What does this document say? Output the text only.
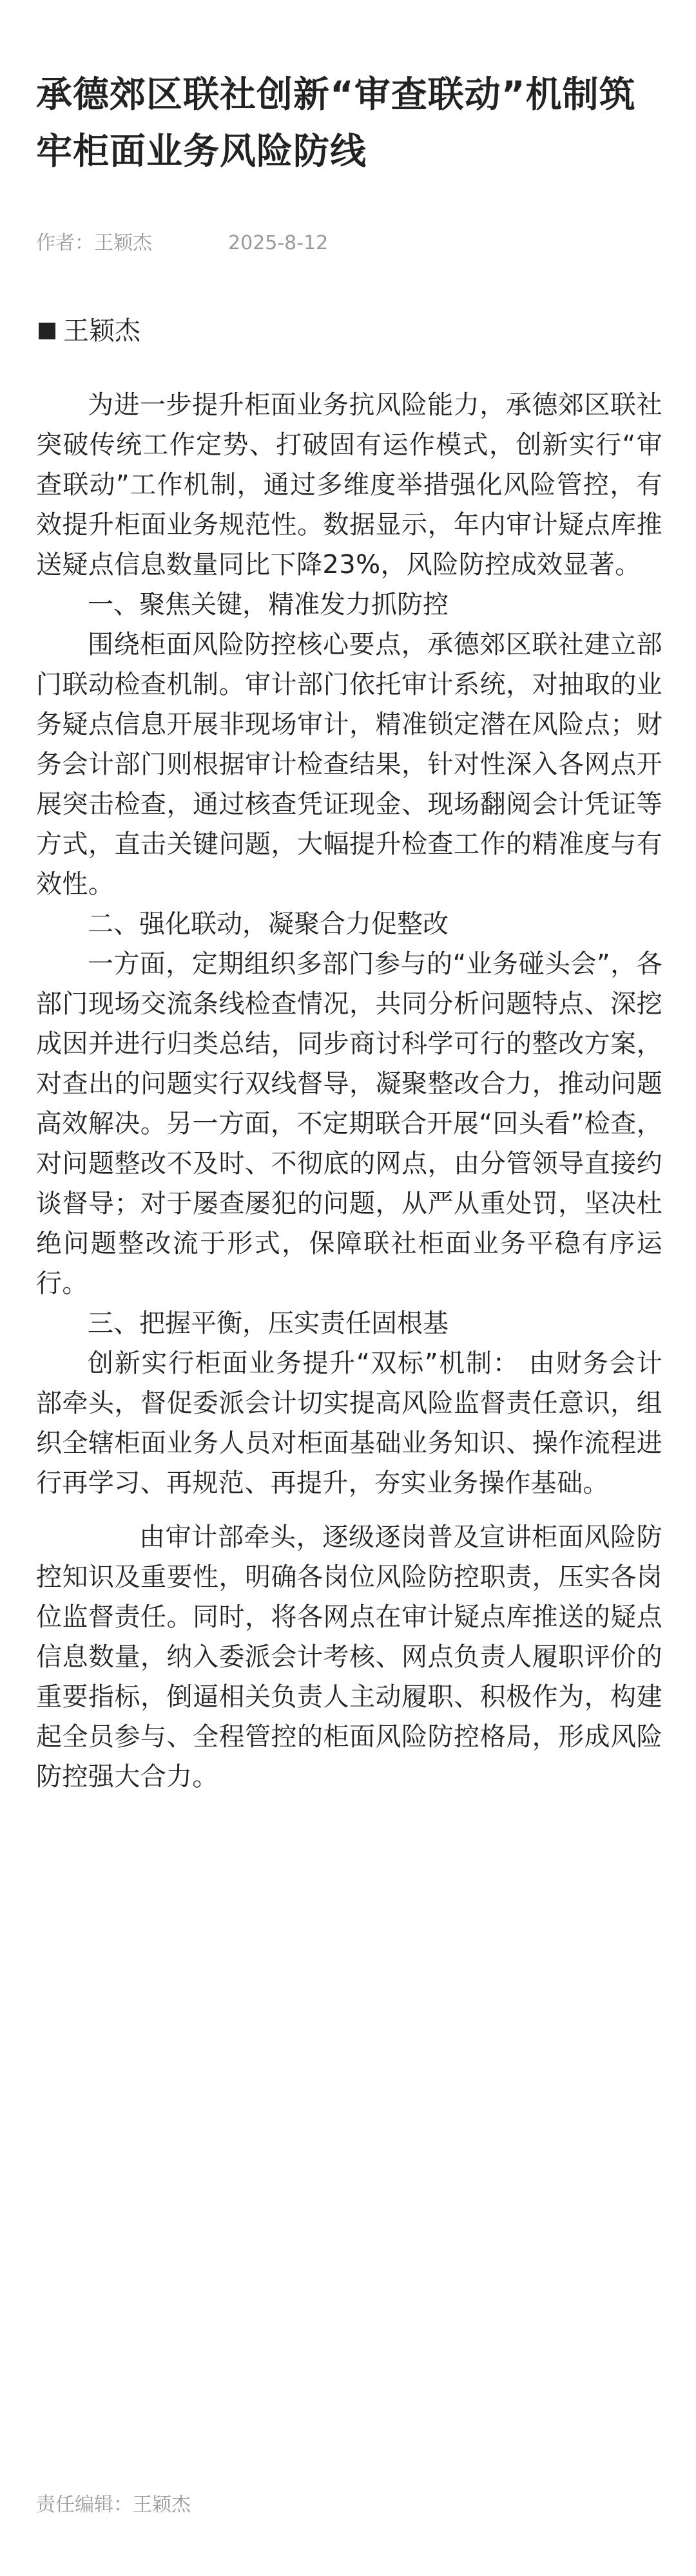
承德郊区联社创新“审查联动”机制筑牢柜面业务风险防线
作者：王颖杰	2025-8-12
王颖杰

为进一步提升柜面业务抗风险能力，承德郊区联社突破传统工作定势、打破固有运作模式，创新实行“审查联动”工作机制，通过多维度举措强化风险管控，有效提升柜面业务规范性。数据显示，年内审计疑点库推送疑点信息数量同比下降23%，风险防控成效显著。

一、聚焦关键，精准发力抓防控

围绕柜面风险防控核心要点，承德郊区联社建立部门联动检查机制。审计部门依托审计系统，对抽取的业务疑点信息开展非现场审计，精准锁定潜在风险点；财务会计部门则根据审计检查结果，针对性深入各网点开展突击检查，通过核查凭证现金、现场翻阅会计凭证等方式，直击关键问题，大幅提升检查工作的精准度与有效性。

二、强化联动，凝聚合力促整改

一方面，定期组织多部门参与的“业务碰头会”，各部门现场交流条线检查情况，共同分析问题特点、深挖成因并进行归类总结，同步商讨科学可行的整改方案，对查出的问题实行双线督导，凝聚整改合力，推动问题高效解决。另一方面，不定期联合开展“回头看”检查，对问题整改不及时、不彻底的网点，由分管领导直接约谈督导；对于屡查屡犯的问题，从严从重处罚，坚决杜绝问题整改流于形式，保障联社柜面业务平稳有序运行。

三、把握平衡，压实责任固根基

创新实行柜面业务提升“双标”机制： 由财务会计部牵头，督促委派会计切实提高风险监督责任意识，组织全辖柜面业务人员对柜面基础业务知识、操作流程进行再学习、再规范、再提升，夯实业务操作基础。

由审计部牵头，逐级逐岗普及宣讲柜面风险防控知识及重要性，明确各岗位风险防控职责，压实各岗位监督责任。同时，将各网点在审计疑点库推送的疑点信息数量，纳入委派会计考核、网点负责人履职评价的重要指标，倒逼相关负责人主动履职、积极作为，构建起全员参与、全程管控的柜面风险防控格局，形成风险防控强大合力。

责任编辑：王颖杰
